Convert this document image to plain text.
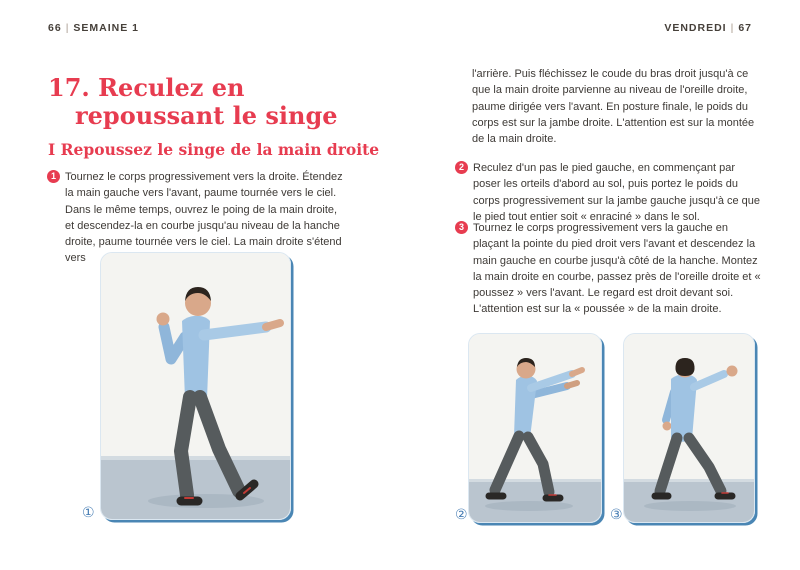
66 | SEMAINE 1	VENDREDI | 67
17. Reculez en
repoussant le singe
I Repoussez le singe de la main droite
1 Tournez le corps progressivement vers la droite. Étendez la main gauche vers l'avant, paume tournée vers le ciel. Dans le même temps, ouvrez le poing de la main droite, et descendez-la en courbe jusqu'au niveau de la hanche droite, paume tournée vers le ciel. La main droite s'étend vers
①

l'arrière. Puis fléchissez le coude du bras droit jusqu'à ce que la main droite parvienne au niveau de l'oreille droite, paume dirigée vers l'avant. En posture finale, le poids du corps est sur la jambe droite. L'attention est sur la montée de la main droite.

2 Reculez d'un pas le pied gauche, en commençant par poser les orteils d'abord au sol, puis portez le poids du corps progressivement sur la jambe gauche jusqu'à ce que le pied tout entier soit « enraciné » dans le sol.
3 Tournez le corps progressivement vers la gauche en plaçant la pointe du pied droit vers l'avant et descendez la main gauche en courbe jusqu'à côté de la hanche. Montez la main droite en courbe, passez près de l'oreille droite et « poussez » vers l'avant. Le regard est droit devant soi. L'attention est sur la « poussée » de la main droite.
②	③
